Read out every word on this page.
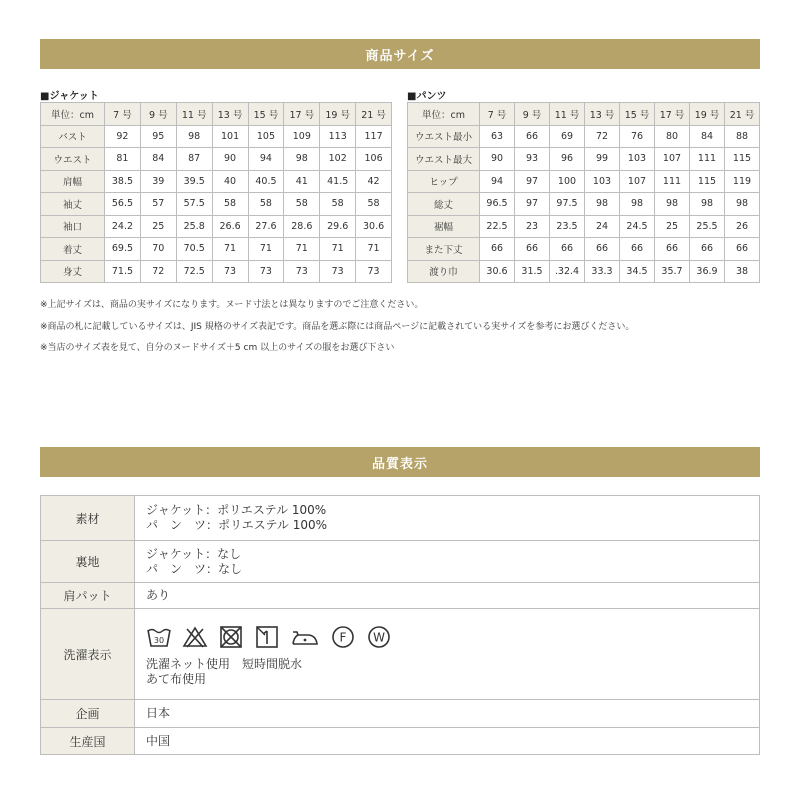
商品サイズ
■ジャケット
単位：cm	7 号	9 号	11 号	13 号	15 号	17 号	19 号	21 号
バスト	92	95	98	101	105	109	113	117
ウエスト	81	84	87	90	94	98	102	106
肩幅	38.5	39	39.5	40	40.5	41	41.5	42
袖丈	56.5	57	57.5	58	58	58	58	58
袖口	24.2	25	25.8	26.6	27.6	28.6	29.6	30.6
着丈	69.5	70	70.5	71	71	71	71	71
身丈	71.5	72	72.5	73	73	73	73	73
■パンツ
単位：cm	7 号	9 号	11 号	13 号	15 号	17 号	19 号	21 号
ウエスト最小	63	66	69	72	76	80	84	88
ウエスト最大	90	93	96	99	103	107	111	115
ヒップ	94	97	100	103	107	111	115	119
総丈	96.5	97	97.5	98	98	98	98	98
裾幅	22.5	23	23.5	24	24.5	25	25.5	26
また下丈	66	66	66	66	66	66	66	66
渡り巾	30.6	31.5	.32.4	33.3	34.5	35.7	36.9	38
※上記サイズは、商品の実サイズになります。ヌード寸法とは異なりますのでご注意ください。
※商品の札に記載しているサイズは、JIS 規格のサイズ表記です。商品を選ぶ際には商品ページに記載されている実サイズを参考にお選びください。
※当店のサイズ表を見て、自分のヌードサイズ＋5 cm 以上のサイズの服をお選び下さい
品質表示
素材	ジャケット：ポリエステル 100%
パ　ン　ツ：ポリエステル 100%

裏地	ジャケット：なし
パ　ン　ツ：なし

肩パット	あり
洗濯表示	30 F W
洗濯ネット使用　短時間脱水
あて布使用

企画	日本
生産国	中国
